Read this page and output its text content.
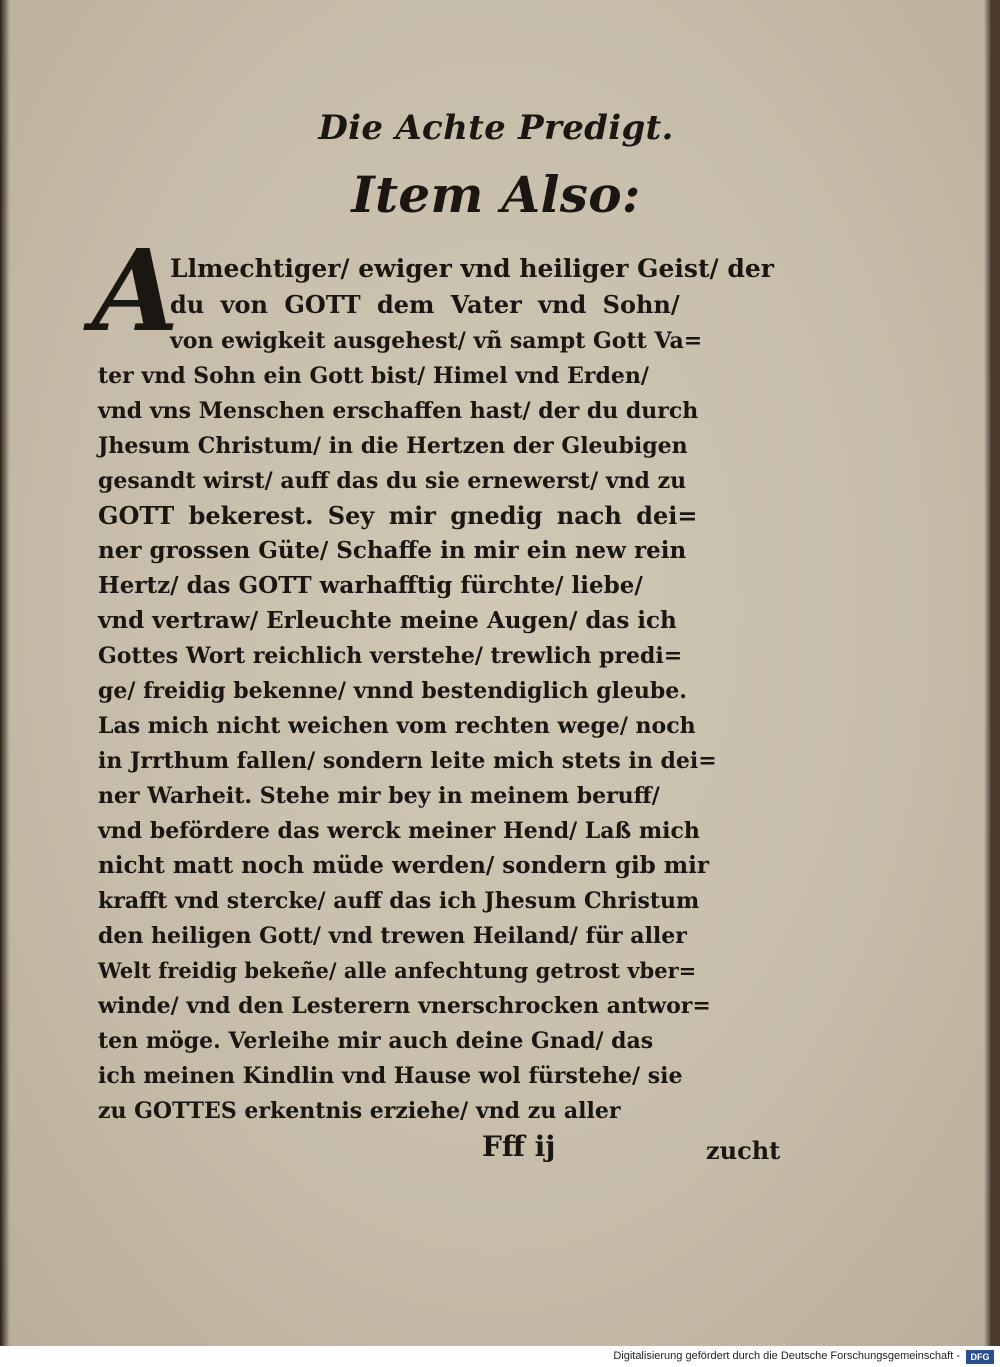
Die Achte Predigt.
Item Also:
A
Llmechtiger/ ewiger vnd heiliger Geist/ der
du von GOTT dem Vater vnd Sohn/
von ewigkeit ausgehest/ vñ sampt Gott Va=
ter vnd Sohn ein Gott bist/ Himel vnd Erden/
vnd vns Menschen erschaffen hast/ der du durch
Jhesum Christum/ in die Hertzen der Gleubigen
gesandt wirst/ auff das du sie ernewerst/ vnd zu
GOTT bekerest. Sey mir gnedig nach dei=
ner grossen Güte/ Schaffe in mir ein new rein
Hertz/ das GOTT warhafftig fürchte/ liebe/
vnd vertraw/ Erleuchte meine Augen/ das ich
Gottes Wort reichlich verstehe/ trewlich predi=
ge/ freidig bekenne/ vnnd bestendiglich gleube.
Las mich nicht weichen vom rechten wege/ noch
in Jrrthum fallen/ sondern leite mich stets in dei=
ner Warheit. Stehe mir bey in meinem beruff/
vnd befördere das werck meiner Hend/ Laß mich
nicht matt noch müde werden/ sondern gib mir
krafft vnd stercke/ auff das ich Jhesum Christum
den heiligen Gott/ vnd trewen Heiland/ für aller
Welt freidig bekeñe/ alle anfechtung getrost vber=
winde/ vnd den Lesterern vnerschrocken antwor=
ten möge. Verleihe mir auch deine Gnad/ das
ich meinen Kindlin vnd Hause wol fürstehe/ sie
zu GOTTES erkentnis erziehe/ vnd zu aller
Fff ij	zucht
Digitalisierung gefördert durch die Deutsche Forschungsgemeinschaft -	DFG
